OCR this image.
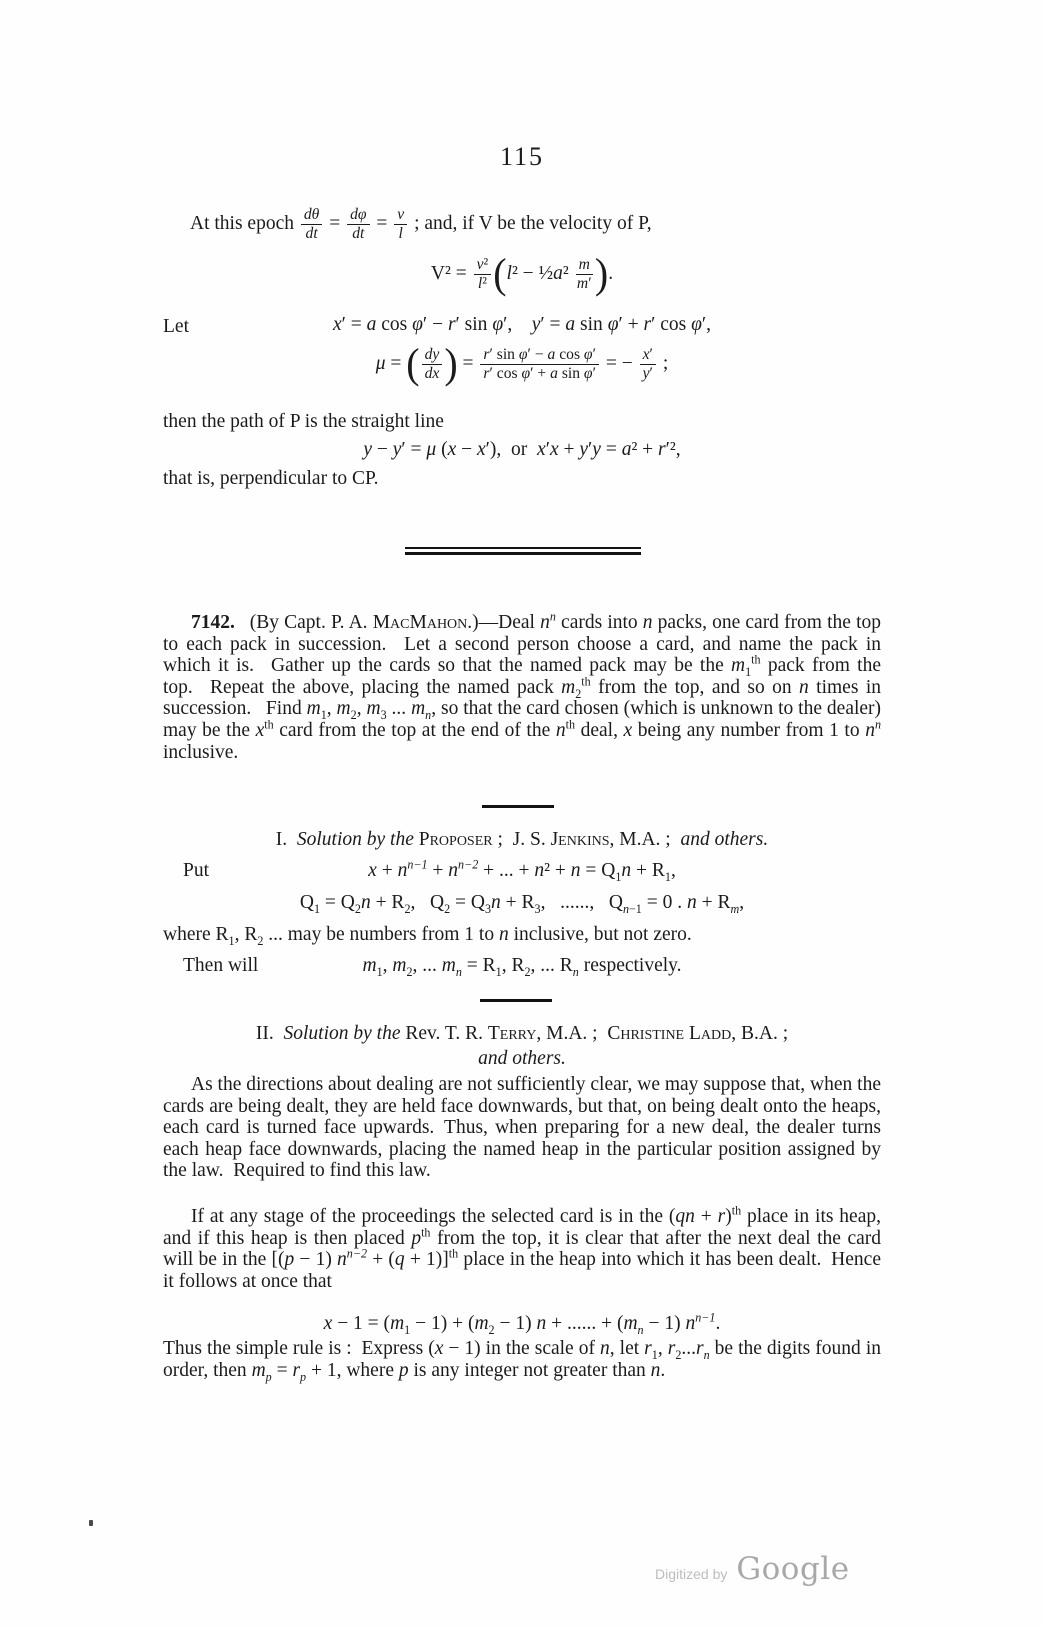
115
At this epoch $\frac{d\theta}{dt} = \frac{d\varphi}{dt} = \frac{v}{l}$ ; and, if V be the velocity of P,
$V^2 = \frac{\text{v²}}{\text{l²}} (l^2$ − ½a² $\frac{m}{m'}$ ).
Let	x′ = a cos φ′ − r′ sin φ′, y′ = a sin φ′ + r′ cos φ′,
μ = ( $\frac{dy}{dx}$ ) = $\frac{\text{r′ sin φ′ − a cos φ′}}{\text{r′ cos φ′ + a sin φ′}}$ = − $\frac{x'}{y'}$ ;
then the path of P is the straight line
y − y′ = μ (x − x′), or x′x + y′y = a² + r′²,
that is, perpendicular to CP.
7142.  (By Capt. P. A. MacMahon.)—Deal $n^n$ cards into n packs, one card from the top to each pack in succession.  Let a second person choose a card, and name the pack in which it is.  Gather up the cards so that the named pack may be the $m_1^{th}$ pack from the top.  Repeat the above, placing the named pack $m_2^{th}$ from the top, and so on n times in succession.  Find $m_1$, $m_2$, $m_3$ ... $m_n$, so that the card chosen (which is unknown to the dealer) may be the $x^{th}$ card from the top at the end of the $n^{th}$ deal, x being any number from 1 to $n^n$ inclusive.
I. Solution by the Proposer ; J. S. Jenkins, M.A. ; and others.
Put	$x + n^{n-1} + n^{n-2}$ + ... + $n^2 + n = Q_1n + R_1$,
$Q_1 = Q_2n + R_2$,  $Q_2 = Q_3n + R_3$,  ......,  $Q_{n-1} = 0$ . $n + R_m$,
where $R_1$, $R_2$ ... may be numbers from 1 to n inclusive, but not zero.
Then will	$m_1$, $m_2$, ... $m_n = R_1$, $R_2$, ... $R_n$ respectively.
II. Solution by the Rev. T. R. Terry, M.A. ; Christine Ladd, B.A. ;
and others.
As the directions about dealing are not sufficiently clear, we may suppose that, when the cards are being dealt, they are held face downwards, but that, on being dealt onto the heaps, each card is turned face upwards. Thus, when preparing for a new deal, the dealer turns each heap face downwards, placing the named heap in the particular position assigned by the law. Required to find this law.
If at any stage of the proceedings the selected card is in the (qn + r)$^{th}$ place in its heap, and if this heap is then placed $p^{th}$ from the top, it is clear that after the next deal the card will be in the [(p − 1) $n^{n-2} + (q + 1)]^{th}$ place in the heap into which it has been dealt. Hence it follows at once that
$x - 1 = (m_1 - 1) + (m_2 - 1) n$ + ...... + $(m_n - 1)$ $n^{n-1}$.
Thus the simple rule is : Express (x − 1) in the scale of n, let $r_1$, $r_2...r_n$ be the digits found in order, then $m_p = r_p + 1$, where p is any integer not greater than n.
Digitized by Google
